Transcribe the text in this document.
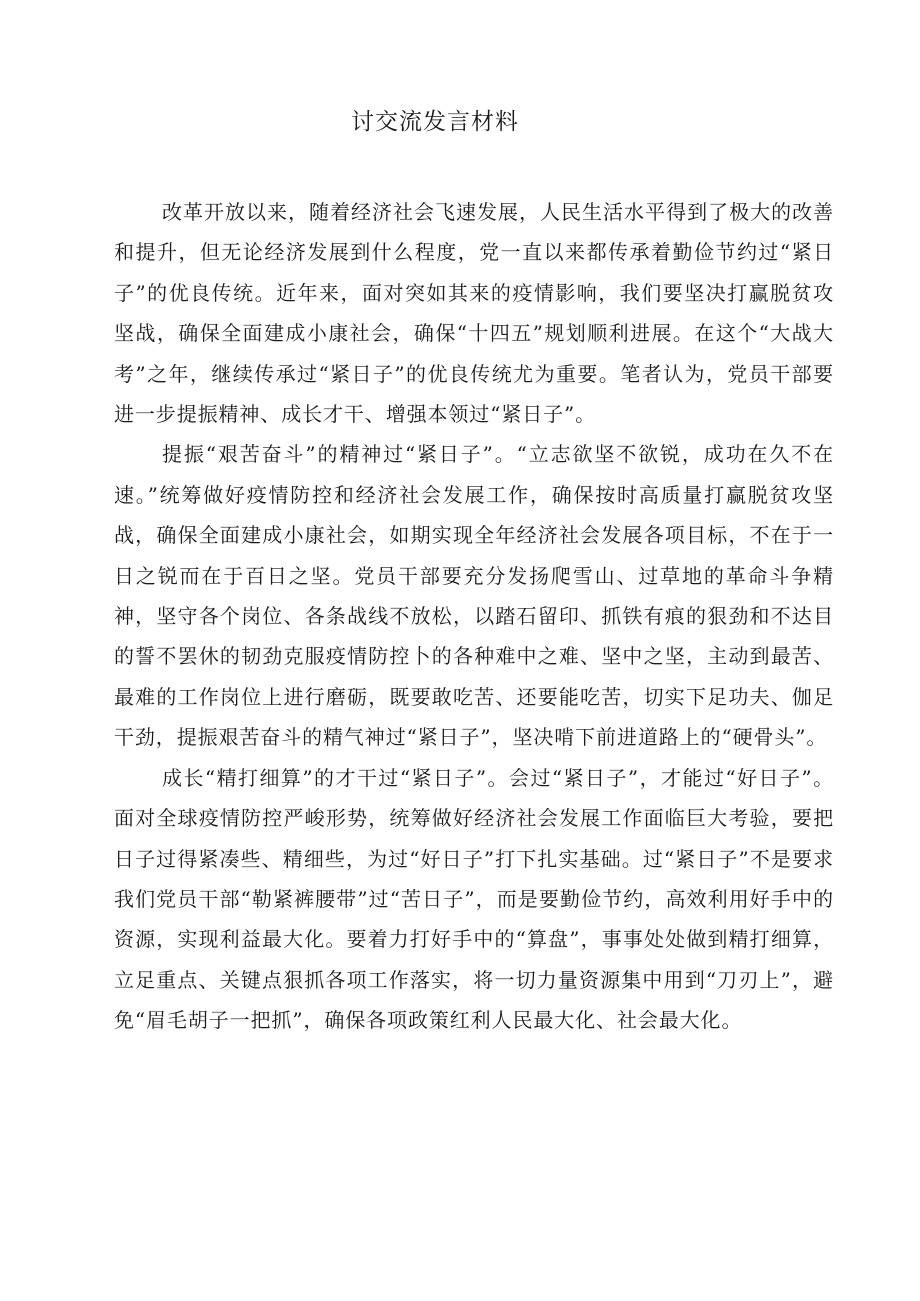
讨交流发言材料

改革开放以来，随着经济社会飞速发展，人民生活水平得到了极大的改善和提升，但无论经济发展到什么程度，党一直以来都传承着勤俭节约过“紧日子”的优良传统。近年来，面对突如其来的疫情影响，我们要坚决打赢脱贫攻坚战，确保全面建成小康社会，确保“十四五”规划顺利进展。在这个“大战大考”之年，继续传承过“紧日子”的优良传统尤为重要。笔者认为，党员干部要进一步提振精神、成长才干、增强本领过“紧日子”。

提振“艰苦奋斗”的精神过“紧日子”。“立志欲坚不欲锐，成功在久不在速。”统筹做好疫情防控和经济社会发展工作，确保按时高质量打赢脱贫攻坚战，确保全面建成小康社会，如期实现全年经济社会发展各项目标，不在于一日之锐而在于百日之坚。党员干部要充分发扬爬雪山、过草地的革命斗争精神，坚守各个岗位、各条战线不放松，以踏石留印、抓铁有痕的狠劲和不达目的誓不罢休的韧劲克服疫情防控卜的各种难中之难、坚中之坚，主动到最苦、最难的工作岗位上进行磨砺，既要敢吃苦、还要能吃苦，切实下足功夫、伽足干劲，提振艰苦奋斗的精气神过“紧日子”，坚决啃下前进道路上的“硬骨头”。

成长“精打细算”的才干过“紧日子”。会过“紧日子”，才能过“好日子”。面对全球疫情防控严峻形势，统筹做好经济社会发展工作面临巨大考验，要把日子过得紧凑些、精细些，为过“好日子”打下扎实基础。过“紧日子”不是要求我们党员干部“勒紧裤腰带”过“苦日子”，而是要勤俭节约，高效利用好手中的资源，实现利益最大化。要着力打好手中的“算盘”，事事处处做到精打细算，立足重点、关键点狠抓各项工作落实，将一切力量资源集中用到“刀刃上”，避免“眉毛胡子一把抓”，确保各项政策红利人民最大化、社会最大化。
